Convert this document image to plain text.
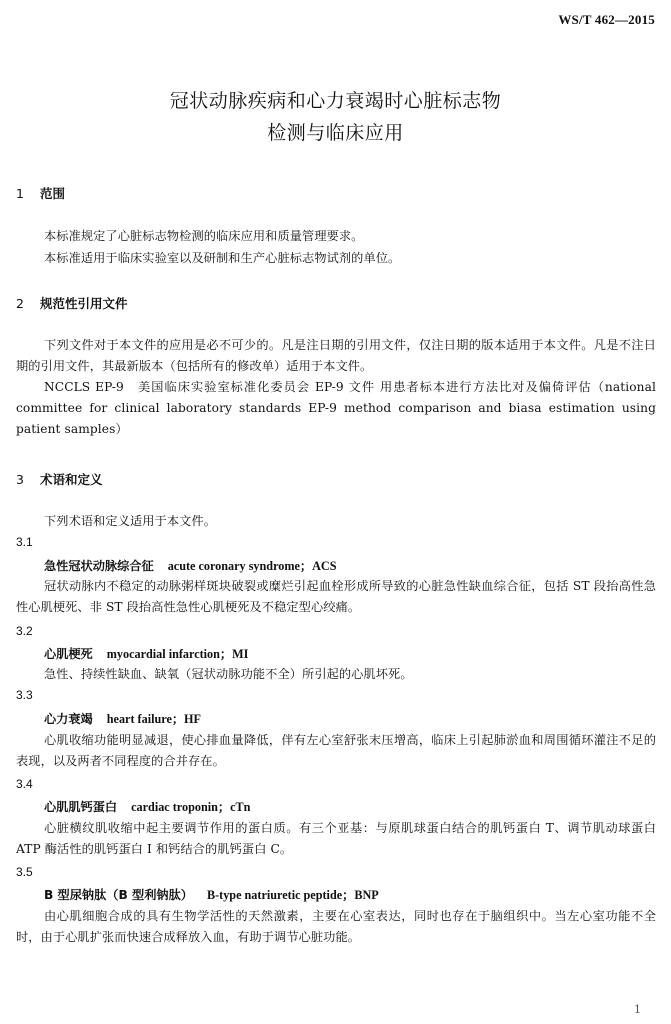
WS/T 462—2015
冠状动脉疾病和心力衰竭时心脏标志物
检测与临床应用
1 范围
本标准规定了心脏标志物检测的临床应用和质量管理要求。
本标准适用于临床实验室以及研制和生产心脏标志物试剂的单位。
2 规范性引用文件
下列文件对于本文件的应用是必不可少的。凡是注日期的引用文件，仅注日期的版本适用于本文件。凡是不注日期的引用文件，其最新版本（包括所有的修改单）适用于本文件。
NCCLS EP-9　美国临床实验室标准化委员会 EP-9 文件 用患者标本进行方法比对及偏倚评估（national committee for clinical laboratory standards EP-9 method comparison and biasa estimation using patient samples）
3 术语和定义
下列术语和定义适用于本文件。
3.1
急性冠状动脉综合征 acute coronary syndrome；ACS
冠状动脉内不稳定的动脉粥样斑块破裂或糜烂引起血栓形成所导致的心脏急性缺血综合征，包括 ST 段抬高性急性心肌梗死、非 ST 段抬高性急性心肌梗死及不稳定型心绞痛。
3.2
心肌梗死 myocardial infarction；MI
急性、持续性缺血、缺氧（冠状动脉功能不全）所引起的心肌坏死。
3.3
心力衰竭 heart failure；HF
心肌收缩功能明显减退，使心排血量降低，伴有左心室舒张末压增高，临床上引起肺淤血和周围循环灌注不足的表现，以及两者不同程度的合并存在。
3.4
心肌肌钙蛋白 cardiac troponin；cTn
心脏横纹肌收缩中起主要调节作用的蛋白质。有三个亚基：与原肌球蛋白结合的肌钙蛋白 T、调节肌动球蛋白 ATP 酶活性的肌钙蛋白 I 和钙结合的肌钙蛋白 C。
3.5
B 型尿钠肽（B 型利钠肽） B-type natriuretic peptide；BNP
由心肌细胞合成的具有生物学活性的天然激素，主要在心室表达，同时也存在于脑组织中。当左心室功能不全时，由于心肌扩张而快速合成释放入血，有助于调节心脏功能。
1
